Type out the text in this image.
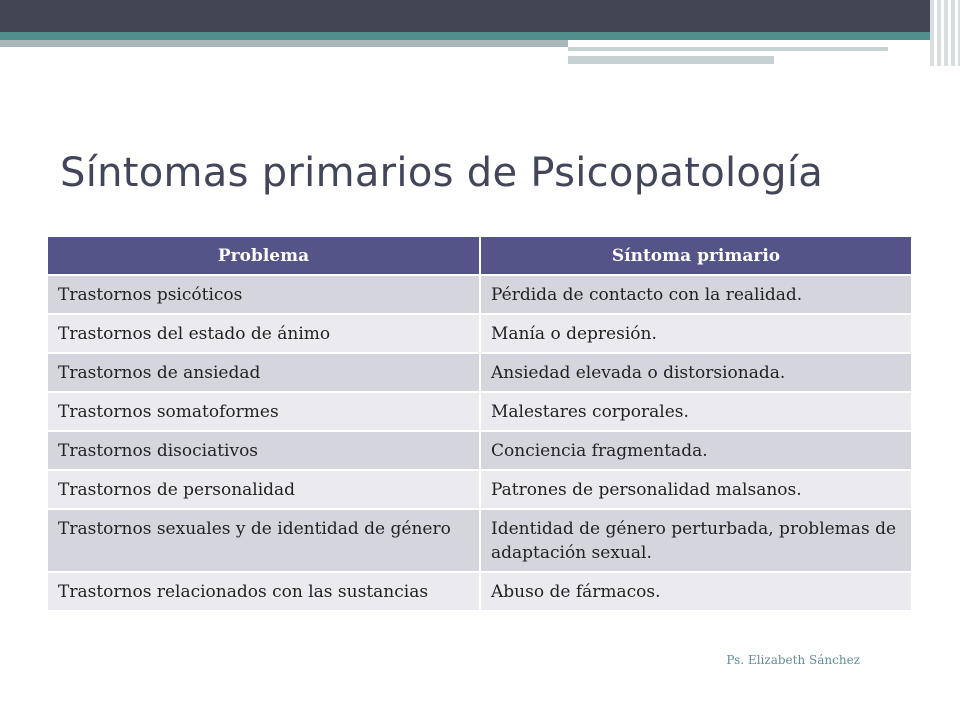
Síntomas primarios de Psicopatología
Problema	Síntoma primario
Trastornos psicóticos	Pérdida de contacto con la realidad.
Trastornos del estado de ánimo	Manía o depresión.
Trastornos de ansiedad	Ansiedad elevada o distorsionada.
Trastornos somatoformes	Malestares corporales.
Trastornos disociativos	Conciencia fragmentada.
Trastornos de personalidad	Patrones de personalidad malsanos.
Trastornos sexuales y de identidad de género	Identidad de género perturbada, problemas de adaptación sexual.
Trastornos relacionados con las sustancias	Abuso de fármacos.
Ps. Elizabeth Sánchez
